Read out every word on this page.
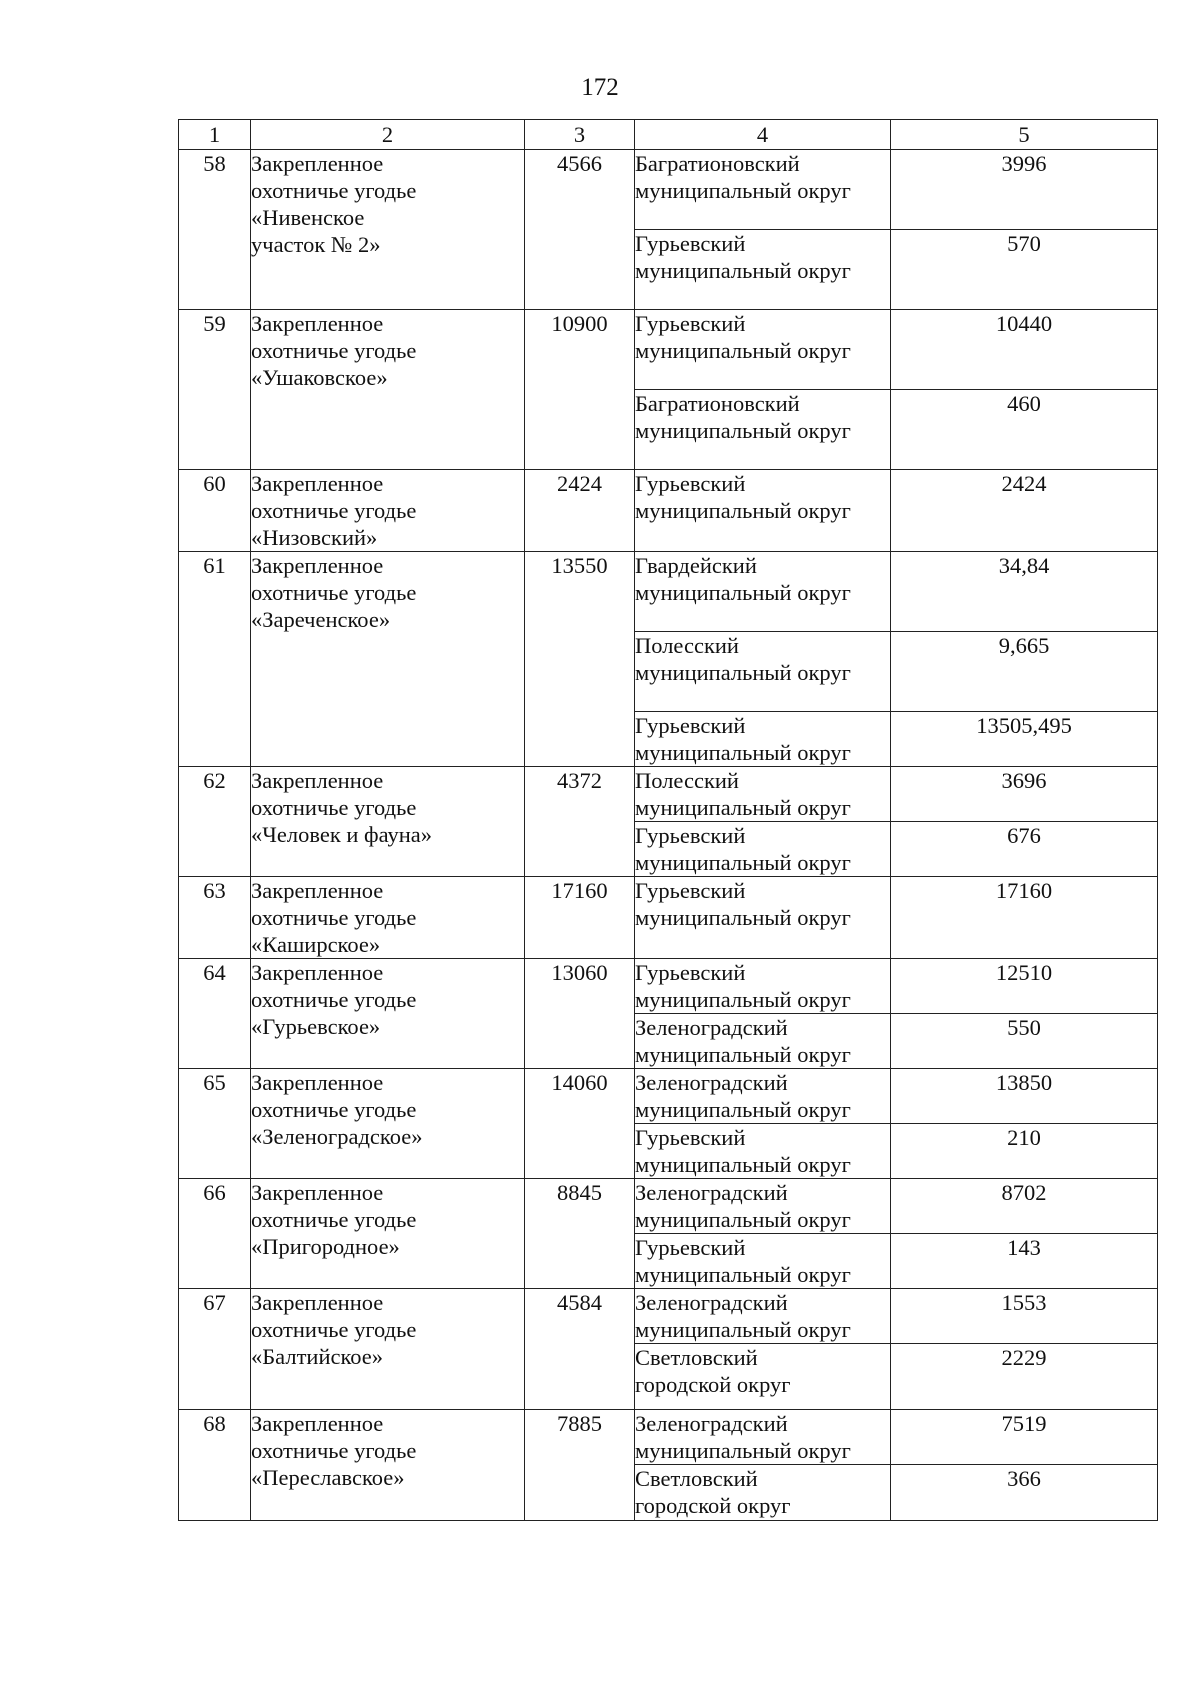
172
1	2	3	4	5
58	Закрепленное
охотничье угодье
«Нивенское
участок № 2»	4566	Багратионовский
муниципальный округ	3996

			Гурьевский
муниципальный округ	570
59	Закрепленное
охотничье угодье
«Ушаковское»	10900	Гурьевский
муниципальный округ	10440

			Багратионовский
муниципальный округ	460
60	Закрепленное
охотничье угодье
«Низовский»	2424	Гурьевский
муниципальный округ	2424
61	Закрепленное
охотничье угодье
«Зареченское»	13550	Гвардейский
муниципальный округ	34,84

			Полесский
муниципальный округ	9,665

			Гурьевский
муниципальный округ	13505,495
62	Закрепленное
охотничье угодье
«Человек и фауна»	4372	Полесский
муниципальный округ	3696

			Гурьевский
муниципальный округ	676
63	Закрепленное
охотничье угодье
«Каширское»	17160	Гурьевский
муниципальный округ	17160
64	Закрепленное
охотничье угодье
«Гурьевское»	13060	Гурьевский
муниципальный округ	12510

			Зеленоградский
муниципальный округ	550
65	Закрепленное
охотничье угодье
«Зеленоградское»	14060	Зеленоградский
муниципальный округ	13850

			Гурьевский
муниципальный округ	210
66	Закрепленное
охотничье угодье
«Пригородное»	8845	Зеленоградский
муниципальный округ	8702

			Гурьевский
муниципальный округ	143
67	Закрепленное
охотничье угодье
«Балтийское»	4584	Зеленоградский
муниципальный округ	1553

			Светловский
городской округ	2229
68	Закрепленное
охотничье угодье
«Переславское»	7885	Зеленоградский
муниципальный округ	7519

			Светловский
городской округ	366
